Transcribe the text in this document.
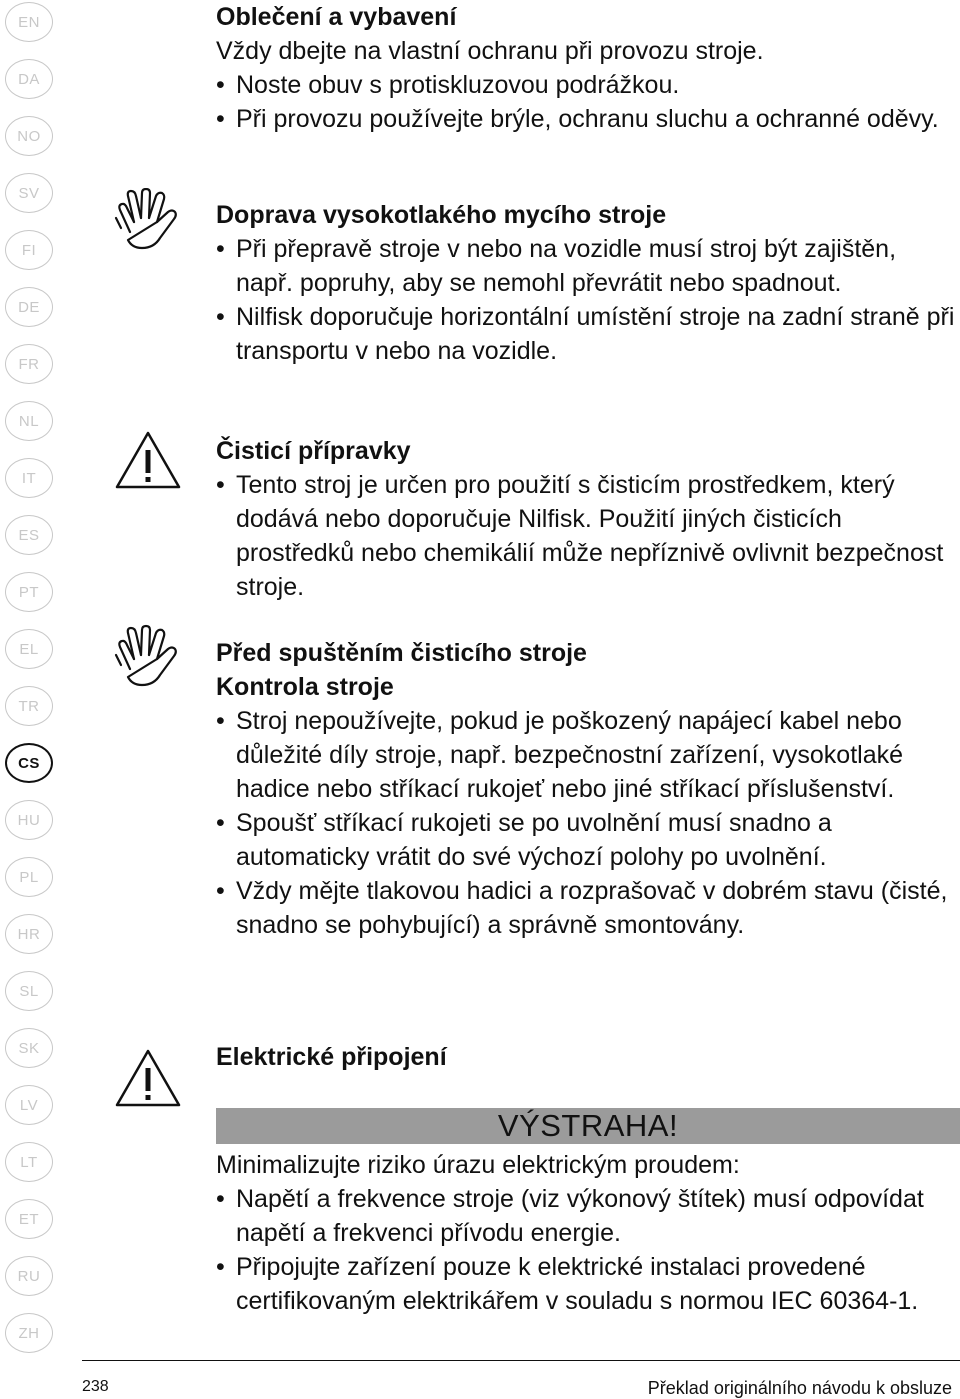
EN
DA
NO
SV
FI
DE
FR
NL
IT
ES
PT
EL
TR
CS
HU
PL
HR
SL
SK
LV
LT
ET
RU
ZH

Oblečení a vybavení

Vždy dbejte na vlastní ochranu při provozu stroje.

• Noste obuv s protiskluzovou podrážkou.
• Při provozu používejte brýle, ochranu sluchu a ochranné oděvy.

Doprava vysokotlakého mycího stroje

• Při přepravě stroje v nebo na vozidle musí stroj být zajištěn, např. popruhy, aby se nemohl převrátit nebo spadnout.
• Nilfisk doporučuje horizontální umístění stroje na zadní straně při transportu v nebo na vozidle.

Čisticí přípravky

• Tento stroj je určen pro použití s čisticím prostředkem, který dodává nebo doporučuje Nilfisk. Použití jiných čisticích prostředků nebo chemikálií může nepříznivě ovlivnit bezpečnost stroje.

Před spuštěním čisticího stroje

Kontrola stroje

• Stroj nepoužívejte, pokud je poškozený napájecí kabel nebo důležité díly stroje, např. bezpečnostní zařízení, vysokotlaké hadice nebo stříkací rukojeť nebo jiné stříkací příslušenství.
• Spoušť stříkací rukojeti se po uvolnění musí snadno a automaticky vrátit do své výchozí polohy po uvolnění.
• Vždy mějte tlakovou hadici a rozprašovač v dobrém stavu (čisté, snadno se pohybující) a správně smontovány.

Elektrické připojení

VÝSTRAHA!

Minimalizujte riziko úrazu elektrickým proudem:

• Napětí a frekvence stroje (viz výkonový štítek) musí odpovídat napětí a frekvenci přívodu energie.
• Připojujte zařízení pouze k elektrické instalaci provedené certifikovaným elektrikářem v souladu s normou IEC 60364-1.
238	Překlad originálního návodu k obsluze
